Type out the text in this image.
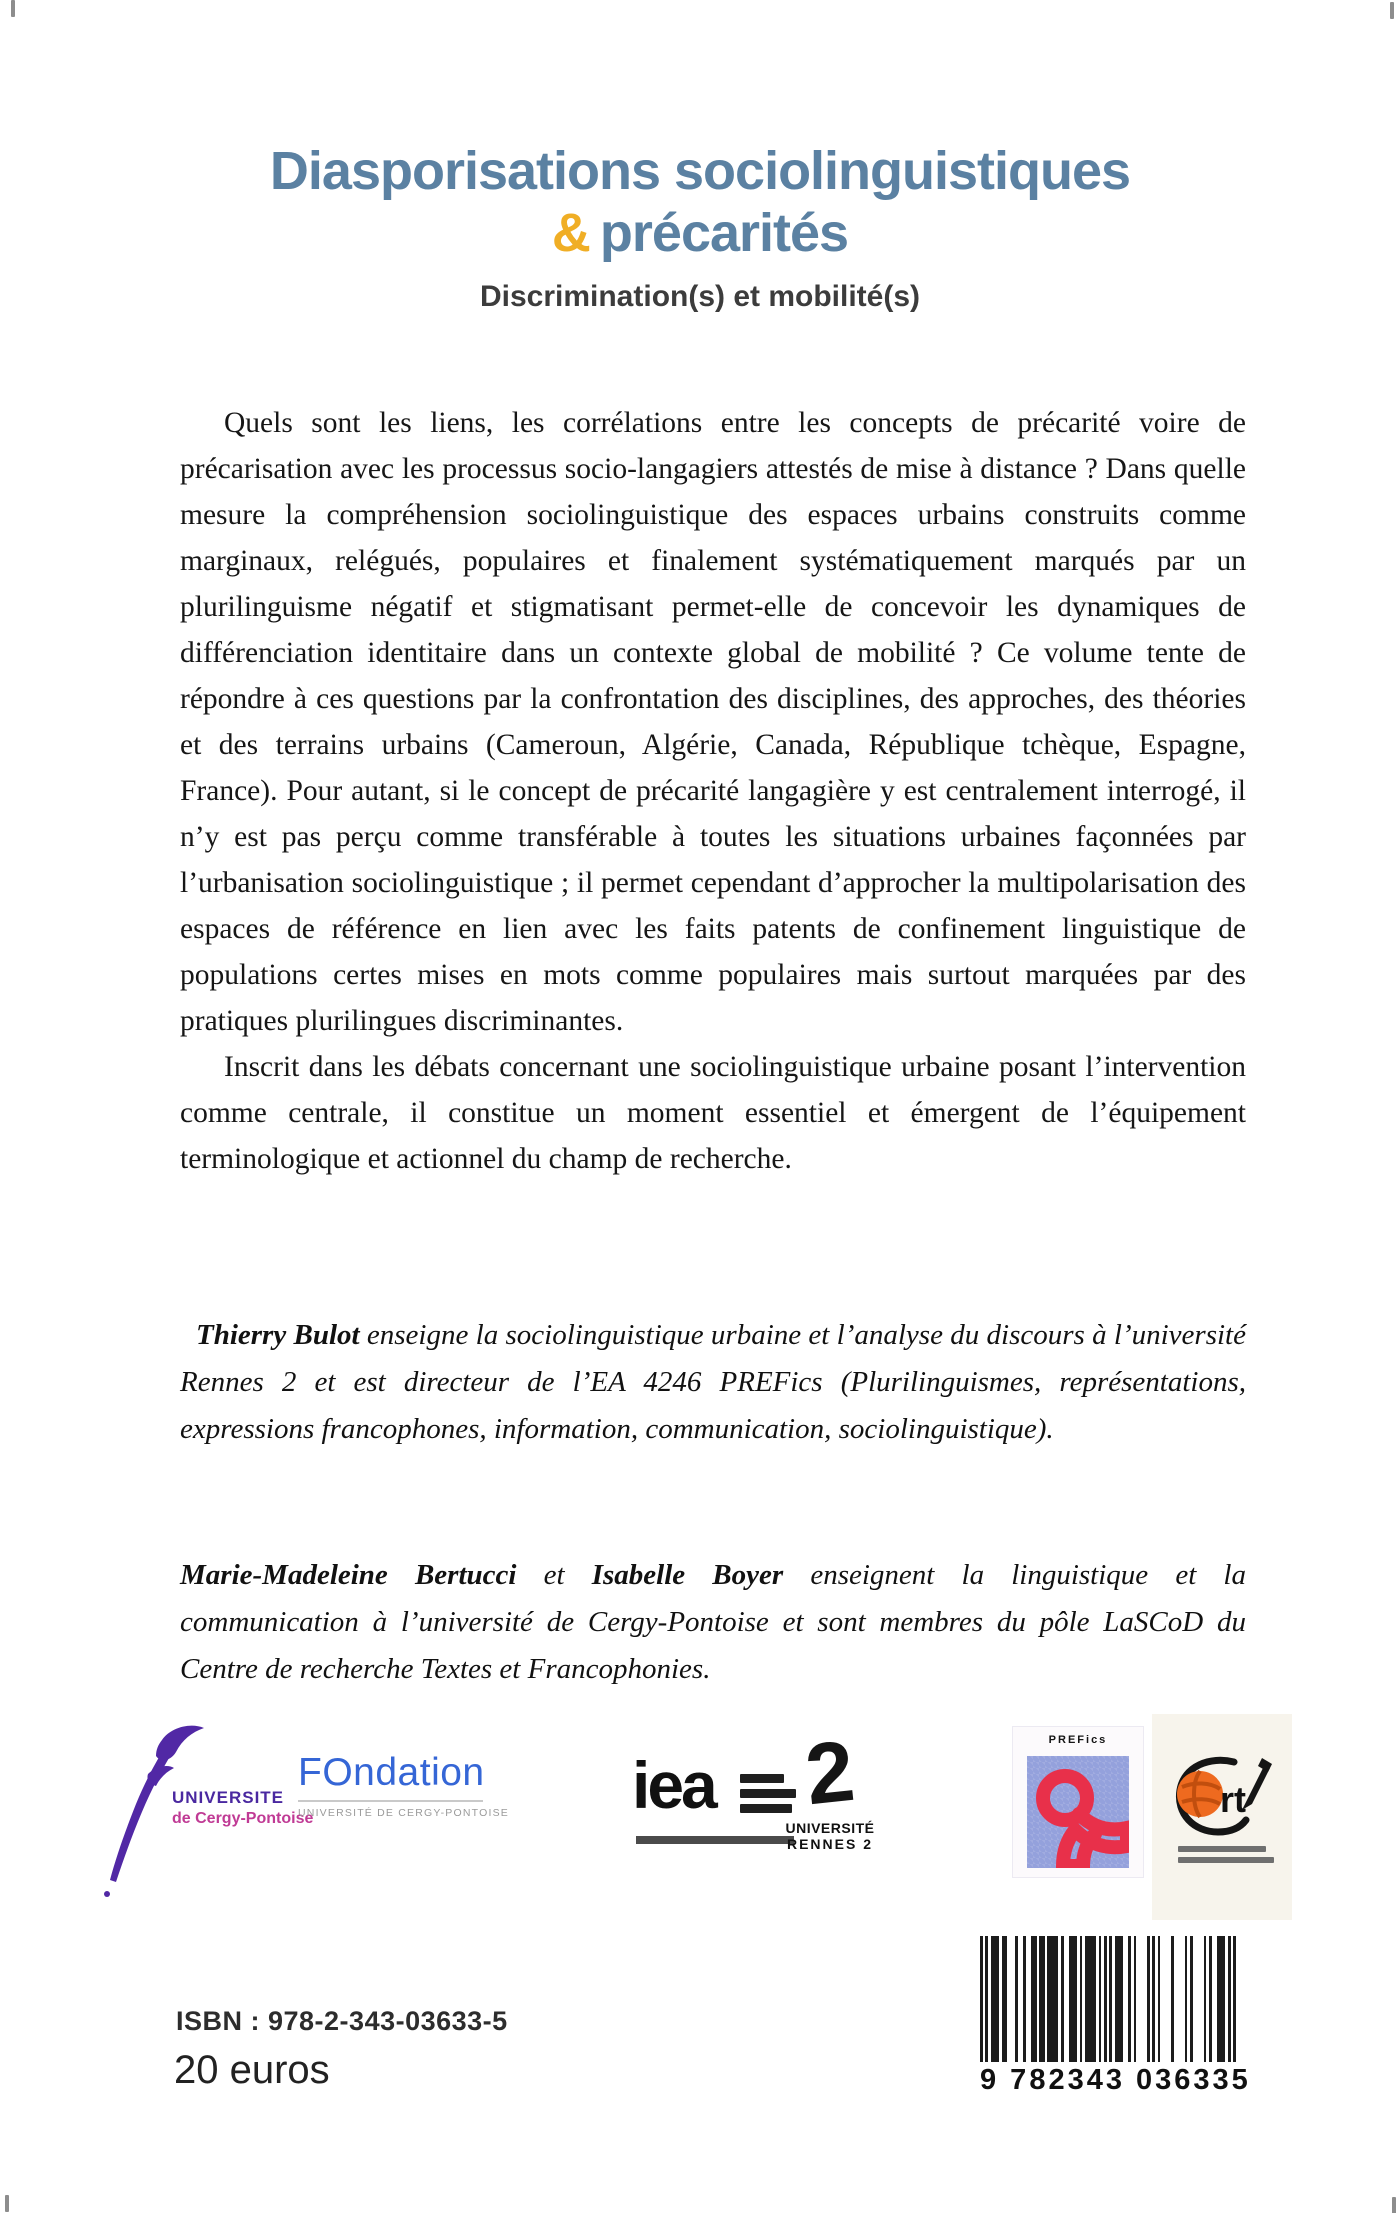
Diasporisations sociolinguistiques
& précarités
Discrimination(s) et mobilité(s)

Quels sont les liens, les corrélations entre les concepts de précarité voire de précarisation avec les processus socio-langagiers attestés de mise à distance ? Dans quelle mesure la compréhension sociolinguistique des espaces urbains construits comme marginaux, relégués, populaires et finalement systématiquement marqués par un plurilinguisme négatif et stigmatisant permet-elle de concevoir les dynamiques de différenciation identitaire dans un contexte global de mobilité ? Ce volume tente de répondre à ces questions par la confrontation des disciplines, des approches, des théories et des terrains urbains (Cameroun, Algérie, Canada, République tchèque, Espagne, France). Pour autant, si le concept de précarité langagière y est centralement interrogé, il n’y est pas perçu comme transférable à toutes les situations urbaines façonnées par l’urbanisation sociolinguistique ; il permet cependant d’approcher la multipolarisation des espaces de référence en lien avec les faits patents de confinement linguistique de populations certes mises en mots comme populaires mais surtout marquées par des pratiques plurilingues discriminantes.

Inscrit dans les débats concernant une sociolinguistique urbaine posant l’intervention comme centrale, il constitue un moment essentiel et émergent de l’équipement terminologique et actionnel du champ de recherche.

Thierry Bulot enseigne la sociolinguistique urbaine et l’analyse du discours à l’université Rennes 2 et est directeur de l’EA 4246 PREFics (Plurilinguismes, représentations, expressions francophones, information, communication, sociolinguistique).

Marie-Madeleine Bertucci et Isabelle Boyer enseignent la linguistique et la communication à l’université de Cergy-Pontoise et sont membres du pôle LaSCoD du Centre de recherche Textes et Francophonies.

UNIVERSITE
de Cergy-Pontoise
FOndation
UNIVERSITÉ DE CERGY-PONTOISE iea	2
UNIVERSITÉ
RENNES 2
PREFics
rt
ISBN : 978-2-343-03633-5
20 euros	9 782343 036335
